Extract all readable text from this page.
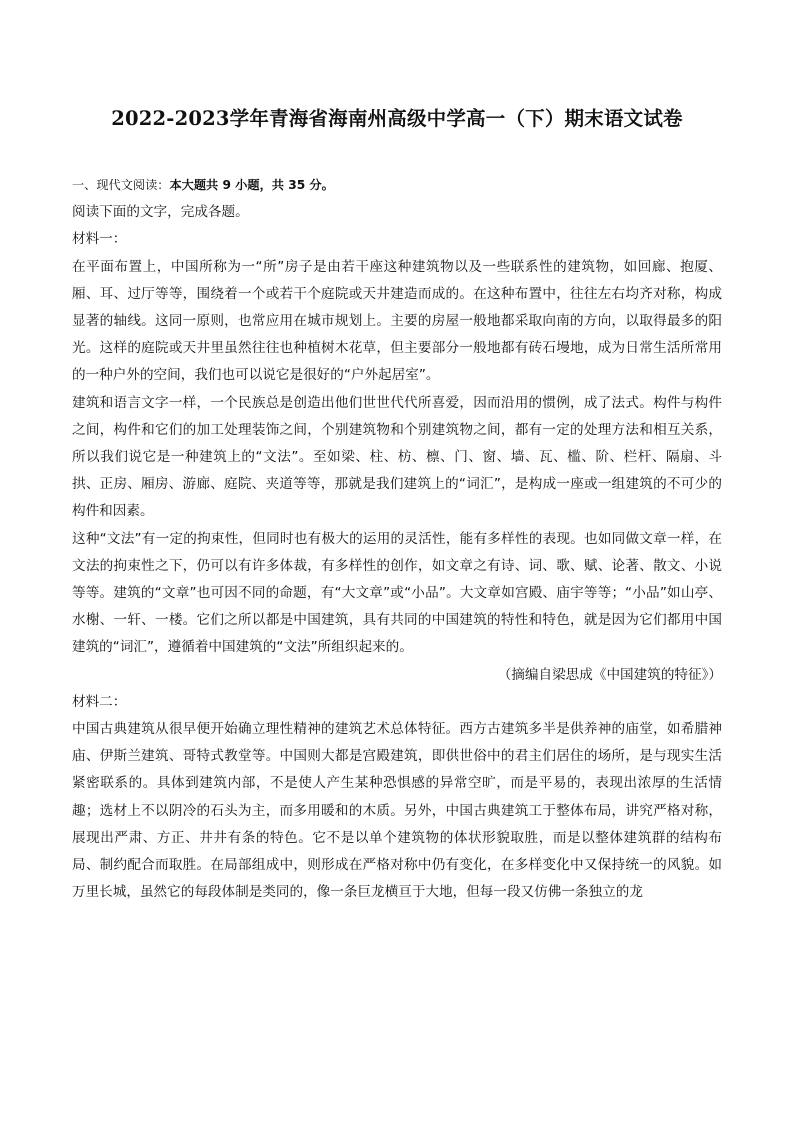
2022-2023学年青海省海南州高级中学高一（下）期末语文试卷

一、现代文阅读：本大题共 9 小题，共 35 分。

阅读下面的文字，完成各题。

材料一：

在平面布置上，中国所称为一“所”房子是由若干座这种建筑物以及一些联系性的建筑物，如回廊、抱厦、厢、耳、过厅等等，围绕着一个或若干个庭院或天井建造而成的。在这种布置中，往往左右均齐对称，构成显著的轴线。这同一原则，也常应用在城市规划上。主要的房屋一般地都采取向南的方向，以取得最多的阳光。这样的庭院或天井里虽然往往也种植树木花草，但主要部分一般地都有砖石墁地，成为日常生活所常用的一种户外的空间，我们也可以说它是很好的“户外起居室”。

建筑和语言文字一样，一个民族总是创造出他们世世代代所喜爱，因而沿用的惯例，成了法式。构件与构件之间，构件和它们的加工处理装饰之间，个别建筑物和个别建筑物之间，都有一定的处理方法和相互关系，所以我们说它是一种建筑上的“文法”。至如梁、柱、枋、檩、门、窗、墙、瓦、槛、阶、栏杆、隔扇、斗拱、正房、厢房、游廊、庭院、夹道等等，那就是我们建筑上的“词汇”，是构成一座或一组建筑的不可少的构件和因素。

这种“文法”有一定的拘束性，但同时也有极大的运用的灵活性，能有多样性的表现。也如同做文章一样，在文法的拘束性之下，仍可以有许多体裁，有多样性的创作，如文章之有诗、词、歌、赋、论著、散文、小说等等。建筑的“文章”也可因不同的命题，有“大文章”或“小品”。大文章如宫殿、庙宇等等；“小品”如山亭、水榭、一轩、一楼。它们之所以都是中国建筑，具有共同的中国建筑的特性和特色，就是因为它们都用中国建筑的“词汇”，遵循着中国建筑的“文法”所组织起来的。

（摘编自梁思成《中国建筑的特征》）

材料二：

中国古典建筑从很早便开始确立理性精神的建筑艺术总体特征。西方古建筑多半是供养神的庙堂，如希腊神庙、伊斯兰建筑、哥特式教堂等。中国则大都是宫殿建筑，即供世俗中的君主们居住的场所，是与现实生活紧密联系的。具体到建筑内部，不是使人产生某种恐惧感的异常空旷，而是平易的，表现出浓厚的生活情趣；选材上不以阴冷的石头为主，而多用暖和的木质。另外，中国古典建筑工于整体布局，讲究严格对称，展现出严肃、方正、井井有条的特色。它不是以单个建筑物的体状形貌取胜，而是以整体建筑群的结构布局、制约配合而取胜。在局部组成中，则形成在严格对称中仍有变化，在多样变化中又保持统一的风貌。如万里长城，虽然它的每段体制是类同的，像一条巨龙横亘于大地，但每一段又仿佛一条独立的龙
